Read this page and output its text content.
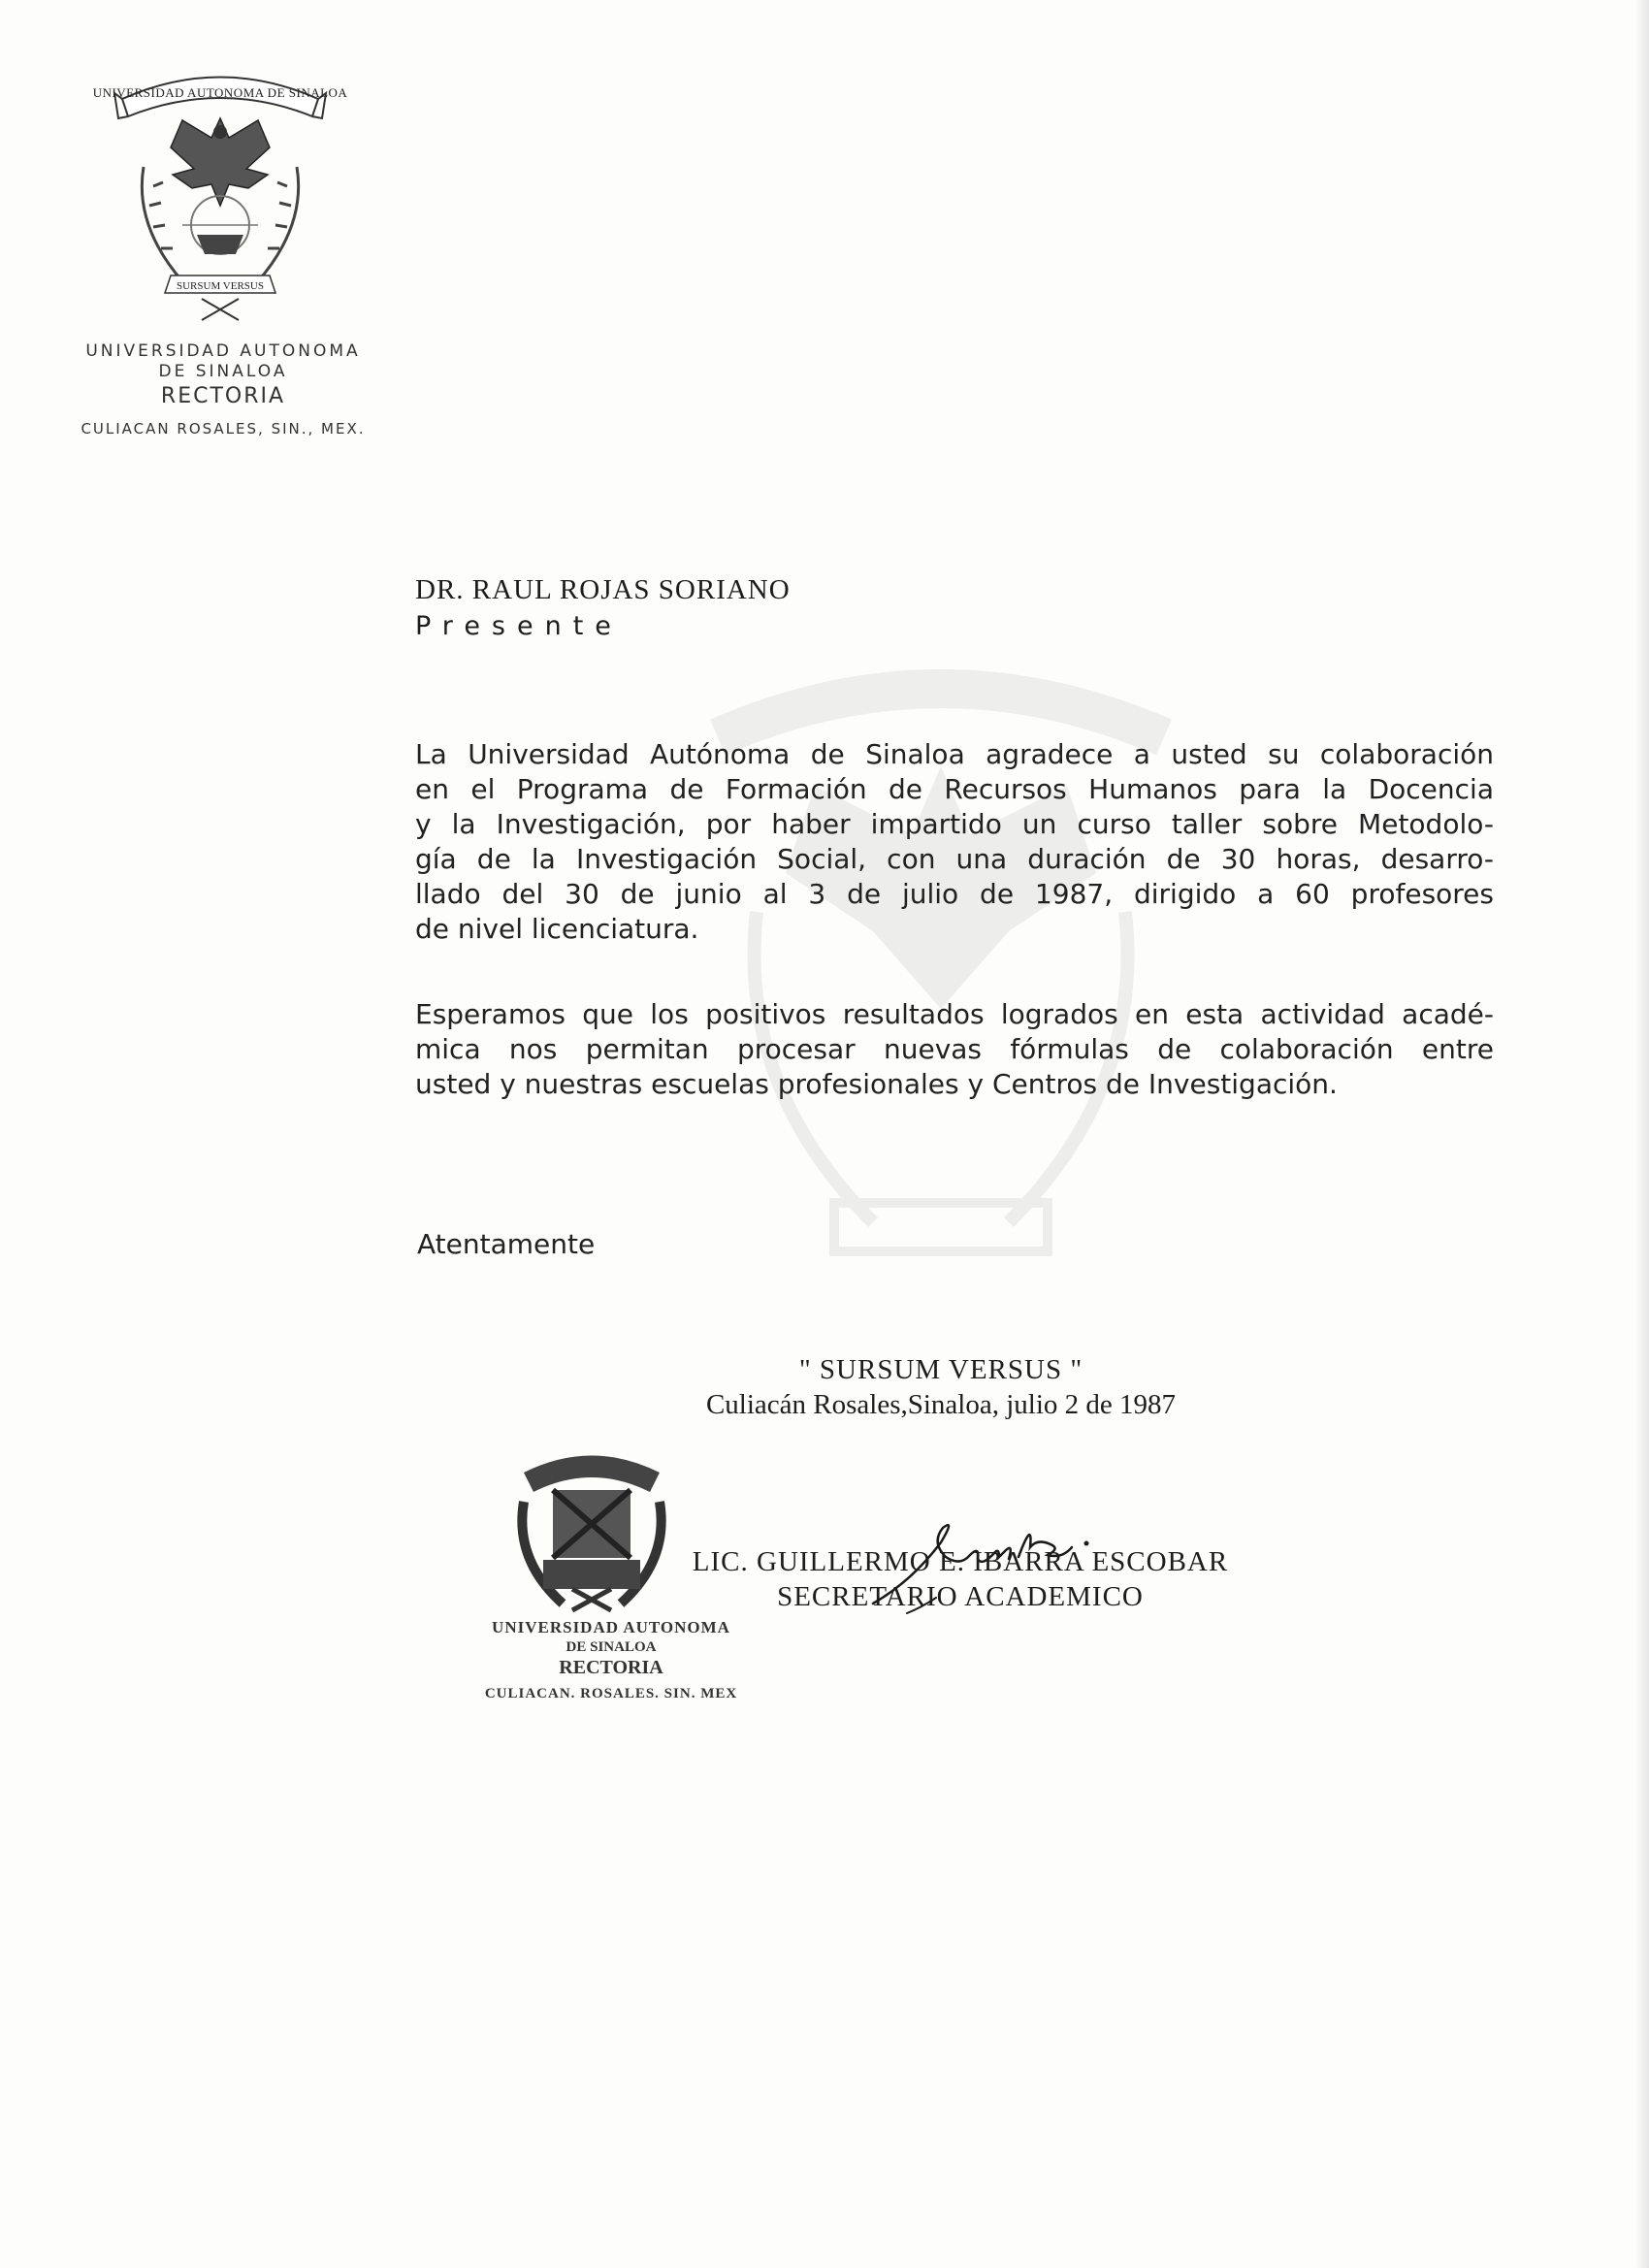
UNIVERSIDAD AUTONOMA DE SINALOA
SURSUM VERSUS
UNIVERSIDAD AUTONOMA
DE SINALOA
RECTORIA
CULIACAN ROSALES, SIN., MEX.
DR. RAUL ROJAS SORIANO
Presente
La Universidad Autónoma de Sinaloa agradece a usted su colaboración
en el Programa de Formación de Recursos Humanos para la Docencia
y la Investigación, por haber impartido un curso taller sobre Metodolo-
gía de la Investigación Social, con una duración de 30 horas, desarro-
llado del 30 de junio al 3 de julio de 1987, dirigido a 60 profesores
de nivel licenciatura.
Esperamos que los positivos resultados logrados en esta actividad acadé-
mica nos permitan procesar nuevas fórmulas de colaboración entre
usted y nuestras escuelas profesionales y Centros de Investigación.
Atentamente
" SURSUM VERSUS "
Culiacán Rosales,Sinaloa, julio 2 de 1987
UNIVERSIDAD AUTONOMA
DE SINALOA
RECTORIA
CULIACAN. ROSALES. SIN. MEX
LIC. GUILLERMO E. IBARRA ESCOBAR
SECRETARIO ACADEMICO
